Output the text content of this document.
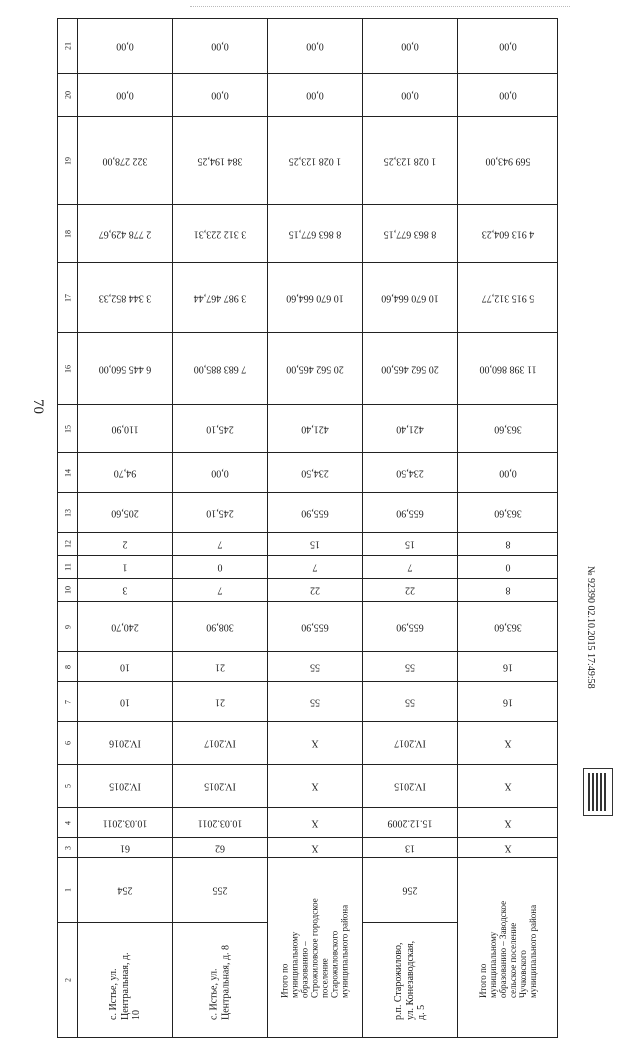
70
21	0,00	0,00	0,00	0,00	0,00

20	0,00	0,00	0,00	0,00	0,00

19	322 278,00	384 194,25	1 028 123,25	1 028 123,25	569 943,00

18	2 778 429,67	3 312 223,31	8 863 677,15	8 863 677,15	4 913 604,23

17	3 344 852,33	3 987 467,44	10 670 664,60	10 670 664,60	5 915 312,77

16	6 445 560,00	7 683 885,00	20 562 465,00	20 562 465,00	11 398 860,00

15	110,90	245,10	421,40	421,40	363,60

14	94,70	0,00	234,50	234,50	0,00

13	205,60	245,10	655,90	655,90	363,60

12	2	7	15	15	8

11	1	0	7	7	0

10	3	7	22	22	8

9	240,70	308,90	655,90	655,90	363,60

8	10	21	55	55	16

7	10	21	55	55	16

6	IV.2016	IV.2017	X	IV.2017	X

5	IV.2015	IV.2015	X	IV.2015	X

4	10.03.2011	10.03.2011	X	15.12.2009	X

3	61	62	X	13	X

1	254	255	Итого по муниципальному образованию – Стрoжиловское городское поселение Старожиловского муниципального района	256	Итого по муниципальному образованию – Заводское сельское поселение Чучковского муниципального района

2	с. Истье, ул. Центральная, д. 10	с. Истье, ул. Центральная, д. 8		р.п. Старожилово, ул. Конезаводская, д. 5	
№ 92390 02.10.2015 17:49:58
